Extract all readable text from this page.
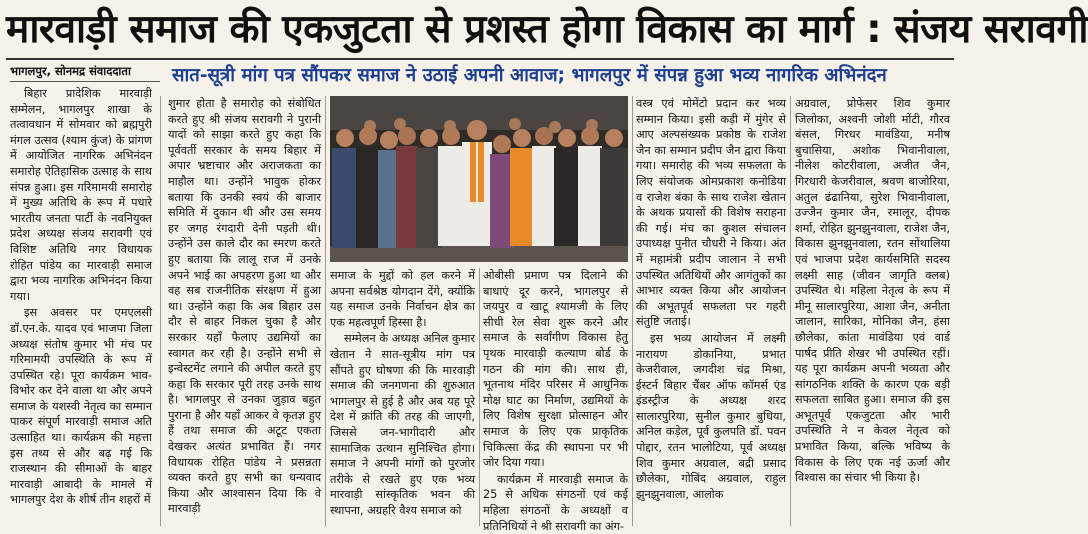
मारवाड़ी समाज की एकजुटता से प्रशस्त होगा विकास का मार्ग : संजय सरावगी
भागलपुर, सोनमद्र संवाददाता	सात-सूत्री मांग पत्र सौंपकर समाज ने उठाई अपनी आवाज; भागलपुर में संपन्न हुआ भव्य नागरिक अभिनंदन

बिहार प्रादेशिक मारवाड़ी सम्मेलन, भागलपुर शाखा के तत्वावधान में सोमवार को ब्रह्मपुरी मंगल उत्सव (श्याम कुंज) के प्रांगण में आयोजित नागरिक अभिनंदन समारोह ऐतिहासिक उत्साह के साथ संपन्न हुआ। इस गरिमामयी समारोह में मुख्य अतिथि के रूप में पधारे भारतीय जनता पार्टी के नवनियुक्त प्रदेश अध्यक्ष संजय सरावगी एवं विशिष्ट अतिथि नगर विधायक रोहित पांडेय का मारवाड़ी समाज द्वारा भव्य नागरिक अभिनंदन किया गया।

इस अवसर पर एमएलसी डॉ.एन.के. यादव एवं भाजपा जिला अध्यक्ष संतोष कुमार भी मंच पर गरिमामयी उपस्थिति के रूप में उपस्थित रहे। पूरा कार्यक्रम भाव-विभोर कर देने वाला था और अपने समाज के यशस्वी नेतृत्व का सम्मान पाकर संपूर्ण मारवाड़ी समाज अति उत्साहित था। कार्यक्रम की महत्ता इस तथ्य से और बढ़ गई कि राजस्थान की सीमाओं के बाहर मारवाड़ी आबादी के मामले में भागलपुर देश के शीर्ष तीन शहरों में

शुमार होता है समारोह को संबोधित करते हुए श्री संजय सरावगी ने पुरानी यादों को साझा करते हुए कहा कि पूर्ववर्ती सरकार के समय बिहार में अपार भ्रष्टाचार और अराजकता का माहौल था। उन्होंने भावुक होकर बताया कि उनकी स्वयं की बाजार समिति में दुकान थी और उस समय हर जगह रंगदारी देनी पड़ती थी। उन्होंने उस काले दौर का स्मरण करते हुए बताया कि लालू राज में उनके अपने भाई का अपहरण हुआ था और वह सब राजनीतिक संरक्षण में हुआ था। उन्होंने कहा कि अब बिहार उस दौर से बाहर निकल चुका है और सरकार यहाँ फैलाए उद्यमियों का स्वागत कर रही है। उन्होंने सभी से इन्वेस्टमेंट लगाने की अपील करते हुए कहा कि सरकार पूरी तरह उनके साथ है। भागलपुर से उनका जुड़ाव बहुत पुराना है और यहाँ आकर वे कृतज्ञ हुए हैं तथा समाज की अटूट एकता देखकर अत्यंत प्रभावित हैं। नगर विधायक रोहित पांडेय ने प्रसन्नता व्यक्त करते हुए सभी का धन्यवाद किया और आश्वासन दिया कि वे मारवाड़ी

समाज के मुद्दों को हल करने में अपना सर्वश्रेष्ठ योगदान देंगे, क्योंकि यह समाज उनके निर्वाचन क्षेत्र का एक महत्वपूर्ण हिस्सा है।

सम्मेलन के अध्यक्ष अनिल कुमार खेतान ने सात-सूत्रीय मांग पत्र सौंपते हुए घोषणा की कि मारवाड़ी समाज की जनगणना की शुरुआत भागलपुर से हुई है और अब यह पूरे देश में क्रांति की तरह की जाएगी, जिससे जन-भागीदारी और सामाजिक उत्थान सुनिश्चित होगा। समाज ने अपनी मांगों को पुरजोर तरीके से रखते हुए एक भव्य मारवाड़ी सांस्कृतिक भवन की स्थापना, अग्रहरि वैश्य समाज को

ओबीसी प्रमाण पत्र दिलाने की बाधाएं दूर करने, भागलपुर से जयपुर व खाटू श्यामजी के लिए सीधी रेल सेवा शुरू करने और समाज के सर्वांगीण विकास हेतु पृथक मारवाड़ी कल्याण बोर्ड के गठन की मांग की। साथ ही, भूतनाथ मंदिर परिसर में आधुनिक मोक्ष घाट का निर्माण, उद्यमियों के लिए विशेष सुरक्षा प्रोत्साहन और समाज के लिए एक प्राकृतिक चिकित्सा केंद्र की स्थापना पर भी जोर दिया गया।

कार्यक्रम में मारवाड़ी समाज के 25 से अधिक संगठनों एवं कई महिला संगठनों के अध्यक्षों व प्रतिनिधियों ने श्री सरावगी का अंग-

वस्त्र एवं मोमेंटो प्रदान कर भव्य सम्मान किया। इसी कड़ी में मुंगेर से आए अल्पसंख्यक प्रकोष्ठ के राजेश जैन का सम्मान प्रदीप जैन द्वारा किया गया। समारोह की भव्य सफलता के लिए संयोजक ओमप्रकाश कनोडिया व राजेश बंका के साथ राजेश खेतान के अथक प्रयासों की विशेष सराहना की गई। मंच का कुशल संचालन उपाध्यक्ष पुनीत चौधरी ने किया। अंत में महामंत्री प्रदीप जालान ने सभी उपस्थित अतिथियों और आगंतुकों का आभार व्यक्त किया और आयोजन की अभूतपूर्व सफलता पर गहरी संतुष्टि जताई।

इस भव्य आयोजन में लक्ष्मी नारायण डोकानिया, प्रभात केजरीवाल, जगदीश चंद्र मिश्रा, ईस्टर्न बिहार चैंबर ऑफ कॉमर्स एंड इंडस्ट्रीज के अध्यक्ष शरद सालारपुरिया, सुनील कुमार बुधिया, अनिल कड़ेल, पूर्व कुलपति डॉ. पवन पोद्दार, रतन भालोटिया, पूर्व अध्यक्ष शिव कुमार अग्रवाल, बद्री प्रसाद छौलेका, गोबिंद अग्रवाल, राहुल झुनझुनवाला, आलोक

अग्रवाल, प्रोफेसर शिव कुमार जिलोका, अश्वनी जोशी मोंटी, गौरव बंसल, गिरधर मावंडिया, मनीष बुचासिया, अशोक भिवानीवाला, नीलेश कोटरीवाला, अजीत जैन, गिरधारी केजरीवाल, श्रवण बाजोरिया, अतुल ढंढानिया, सुरेश भिवानीवाला, उज्जैन कुमार जैन, रमालूर, दीपक शर्मा, रोहित झुनझुनवाला, राजेश जैन, विकास झुनझुनवाला, रतन सोंथालिया एवं भाजपा प्रदेश कार्यसमिति सदस्य लक्ष्मी साह (जीवन जागृति क्लब) उपस्थित थे। महिला नेतृत्व के रूप में मीनू सालारपुरिया, आशा जैन, अनीता जालान, सारिका, मोनिका जैन, हंसा छौलेका, कांता मावंडिया एवं वार्ड पार्षद प्रीति शेखर भी उपस्थित रहीं। यह पूरा कार्यक्रम अपनी भव्यता और सांगठनिक शक्ति के कारण एक बड़ी सफलता साबित हुआ। समाज की इस अभूतपूर्व एकजुटता और भारी उपस्थिति ने न केवल नेतृत्व को प्रभावित किया, बल्कि भविष्य के विकास के लिए एक नई ऊर्जा और विश्वास का संचार भी किया है।
